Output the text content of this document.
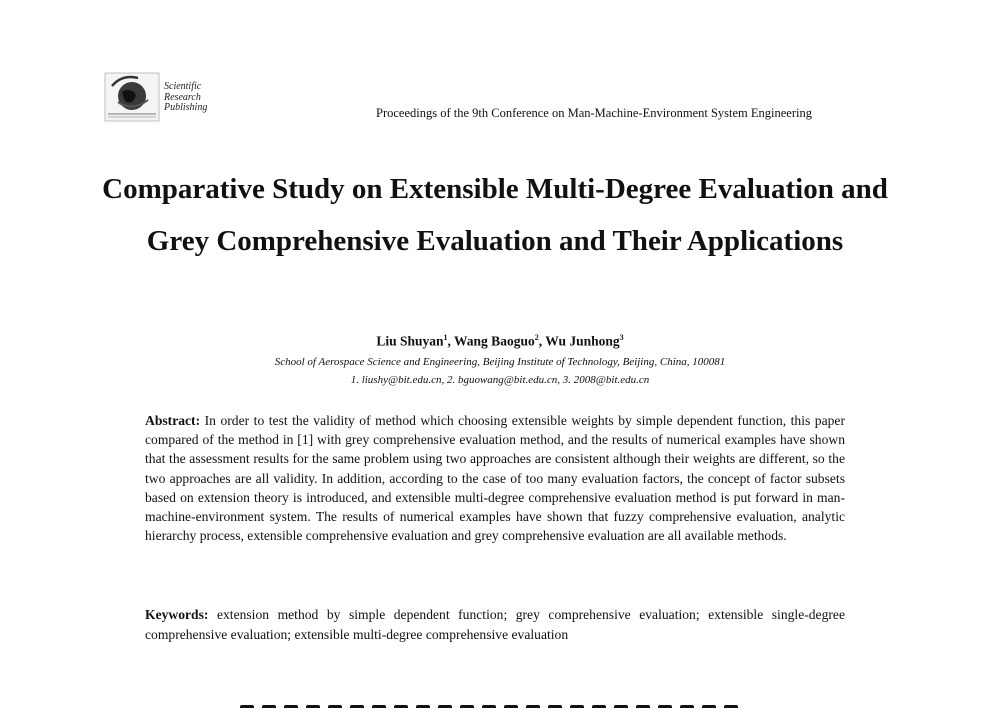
Scientific
Research
Publishing	Proceedings of the 9th Conference on Man-Machine-Environment System Engineering
Comparative Study on Extensible Multi-Degree Evaluation and Grey Comprehensive Evaluation and Their Applications
Liu Shuyan$^1$, Wang Baoguo$^2$, Wu Junhong$^3$
School of Aerospace Science and Engineering, Beijing Institute of Technology, Beijing, China, 100081
1. liushy@bit.edu.cn, 2. bguowang@bit.edu.cn, 3. 2008@bit.edu.cn

Abstract: In order to test the validity of method which choosing extensible weights by simple dependent function, this paper compared of the method in [1] with grey comprehensive evaluation method, and the results of numerical examples have shown that the assessment results for the same problem using two approaches are consistent although their weights are different, so the two approaches are all validity. In addition, according to the case of too many evaluation factors, the concept of factor subsets based on extension theory is introduced, and extensible multi-degree comprehensive evaluation method is put forward in man-machine-environment system. The results of numerical examples have shown that fuzzy comprehensive evaluation, analytic hierarchy process, extensible comprehensive evaluation and grey comprehensive evaluation are all available methods.

Keywords: extension method by simple dependent function; grey comprehensive evaluation; extensible single-degree comprehensive evaluation; extensible multi-degree comprehensive evaluation
